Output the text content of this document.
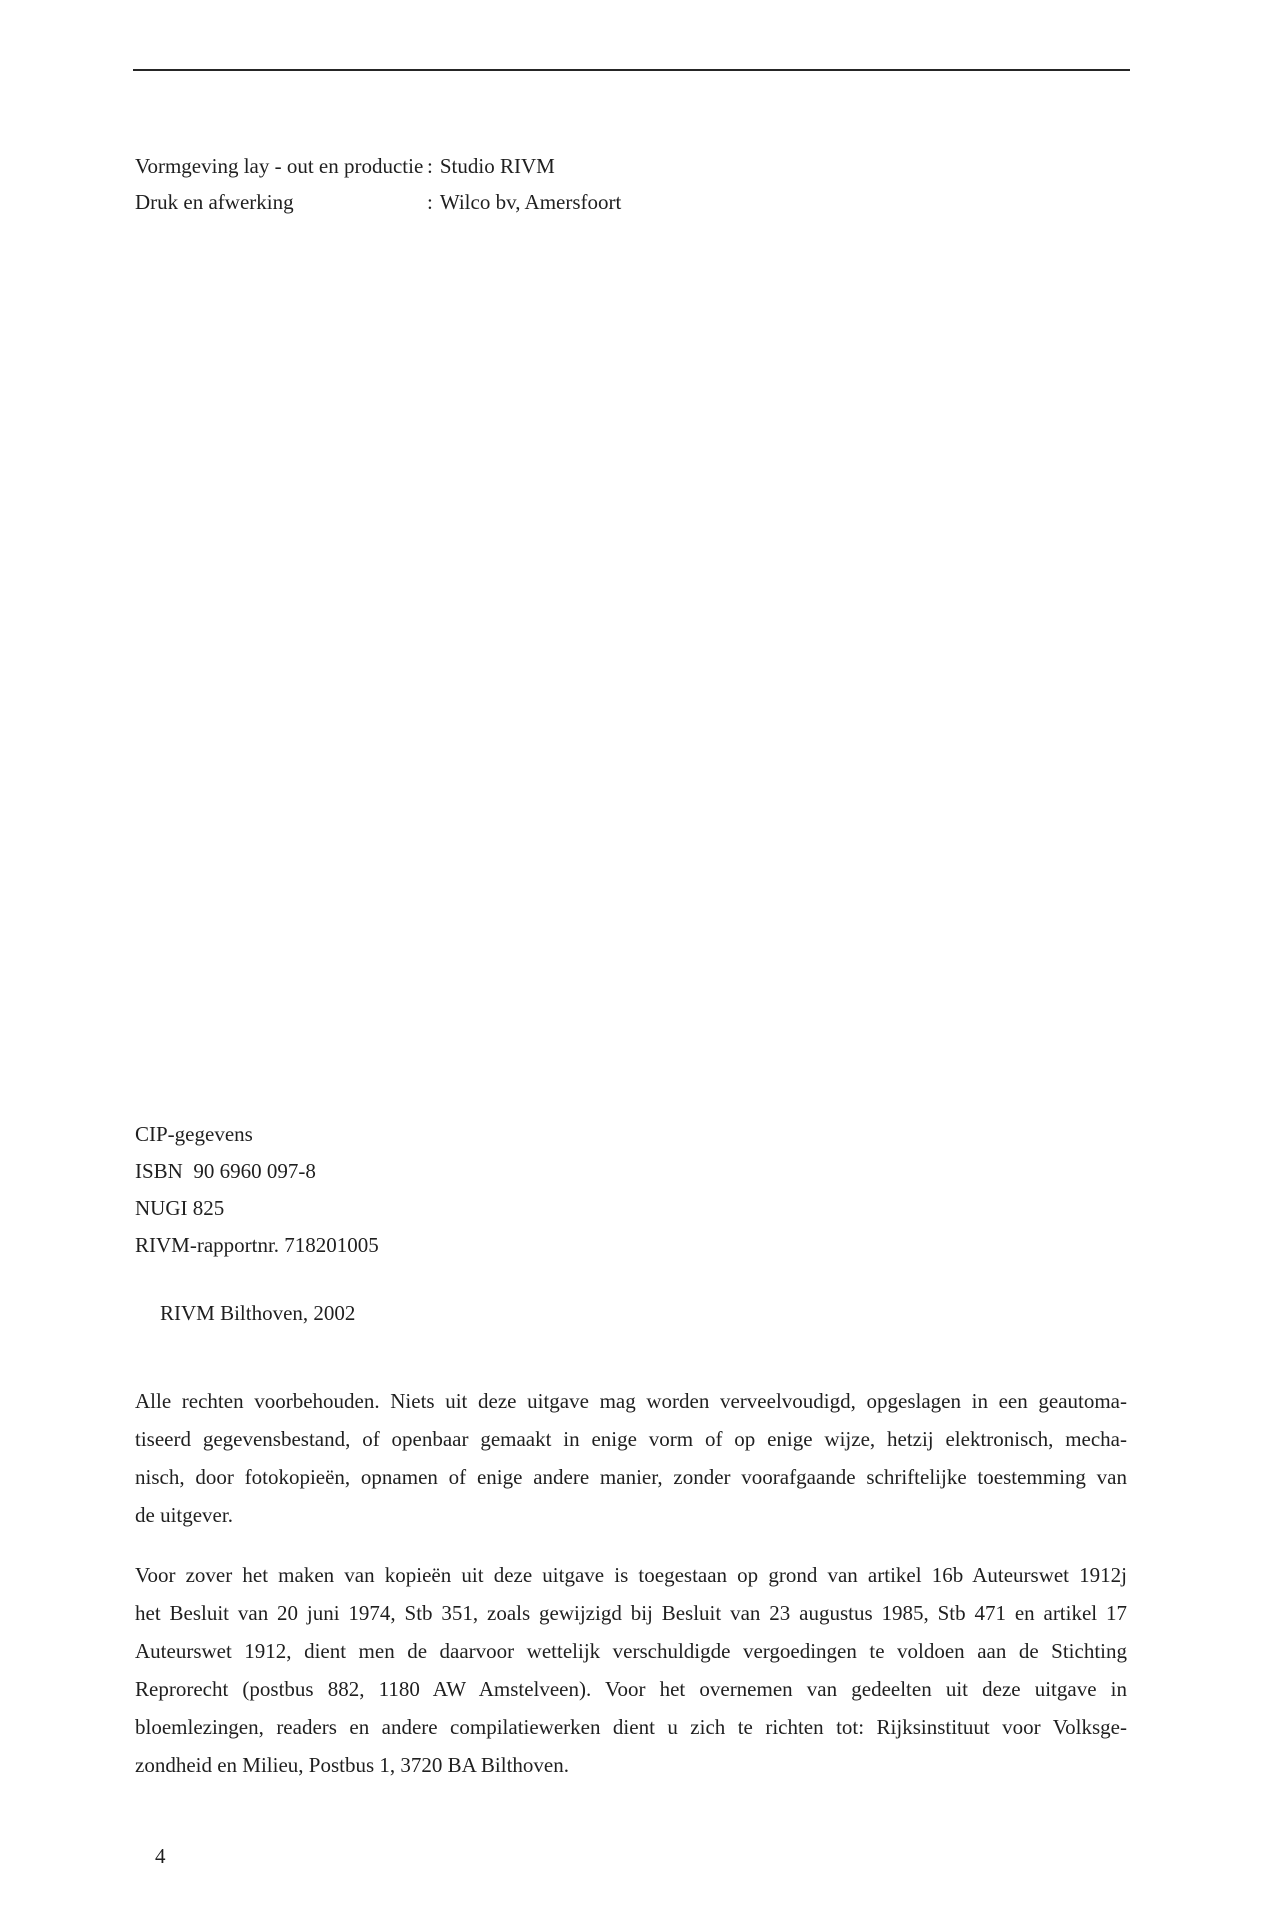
Vormgeving lay - out en productie : Studio RIVM
Druk en afwerking	: Wilco bv, Amersfoort
CIP-gegevens
ISBN  90 6960 097-8
NUGI 825
RIVM-rapportnr. 718201005
RIVM Bilthoven, 2002
Alle rechten voorbehouden. Niets uit deze uitgave mag worden verveelvoudigd, opgeslagen in een geautoma-
tiseerd gegevensbestand, of openbaar gemaakt in enige vorm of op enige wijze, hetzij elektronisch, mecha-
nisch, door fotokopieën, opnamen of enige andere manier, zonder voorafgaande schriftelijke toestemming van
de uitgever.
Voor zover het maken van kopieën uit deze uitgave is toegestaan op grond van artikel 16b Auteurswet 1912j
het Besluit van 20 juni 1974, Stb 351, zoals gewijzigd bij Besluit van 23 augustus 1985, Stb 471 en artikel 17
Auteurswet 1912, dient men de daarvoor wettelijk verschuldigde vergoedingen te voldoen aan de Stichting
Reprorecht (postbus 882, 1180 AW Amstelveen). Voor het overnemen van gedeelten uit deze uitgave in
bloemlezingen, readers en andere compilatiewerken dient u zich te richten tot: Rijksinstituut voor Volksge-
zondheid en Milieu, Postbus 1, 3720 BA Bilthoven.
4
